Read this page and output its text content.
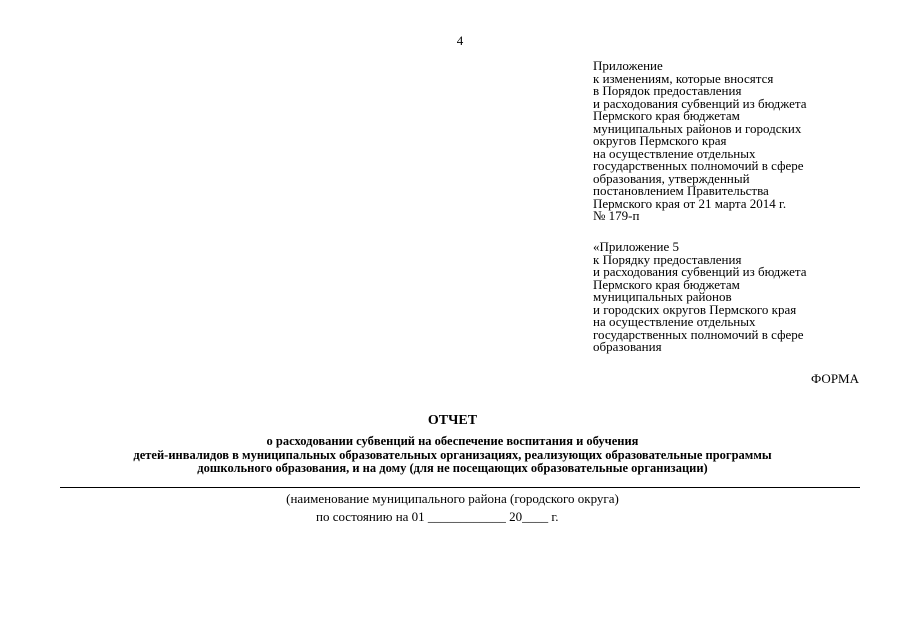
4
Приложение
к изменениям, которые вносятся
в Порядок предоставления
и расходования субвенций из бюджета
Пермского края бюджетам
муниципальных районов и городских
округов Пермского края
на осуществление отдельных
государственных полномочий в сфере
образования, утвержденный
постановлением Правительства
Пермского края от 21 марта 2014 г.
№ 179-п
«Приложение 5
к Порядку предоставления
и расходования субвенций из бюджета
Пермского края бюджетам
муниципальных районов
и городских округов Пермского края
на осуществление отдельных
государственных полномочий в сфере
образования
ФОРМА
ОТЧЕТ
о расходовании субвенций на обеспечение воспитания и обучения
детей-инвалидов в муниципальных образовательных организациях, реализующих образовательные программы
дошкольного образования, и на дому (для не посещающих образовательные организации)
(наименование муниципального района (городского округа)
по состоянию на 01 ____________ 20____ г.
